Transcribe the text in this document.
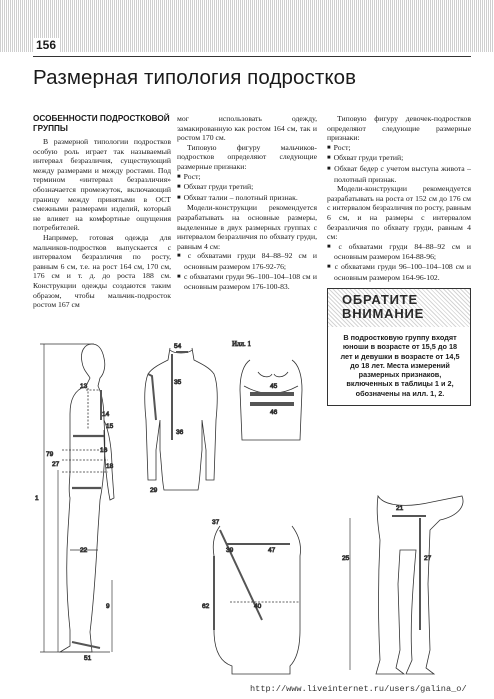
156
Размерная типология подростков
ОСОБЕННОСТИ ПОДРОСТКОВОЙ ГРУППЫ

В размерной типологии подростков особую роль играет так называемый интервал безразличия, существующий между размерами и между ростами. Под термином «интервал безразличия» обозначается промежуток, включающий границу между принятыми в ОСТ смежными размерами изделий, который не влияет на комфортные ощущения потребителей.

Например, готовая одежда для мальчиков-подростков выпускается с интервалом безразличия по росту, равным 6 см, т.е. на рост 164 см, 170 см, 176 см и т. д. до роста 188 см. Конструкции одежды создаются таким образом, чтобы мальчик-подросток ростом 167 см

мог использовать одежду, замакированную как ростом 164 см, так и ростом 170 см.

Типовую фигуру мальчиков-подростков определяют следующие размерные признаки:

■ Рост;
■ Обхват груди третий;
■ Обхват талии – полотный признак.

Модели-конструкции рекомендуется разрабатывать на основные размеры, выделенные в двух размерных группах с интервалом безразличия по обхвату груди, равным 4 см:

■ с обхватами груди 84–88–92 см и основным размером 176-92-76;
■ с обхватами груди 96–100–104–108 см и основным размером 176-100-83.

Типовую фигуру девочек-подростков определяют следующие размерные признаки:

■ Рост;
■ Обхват груди третий;
■ Обхват бедер с учетом выступа живота – полотный признак.

Модели-конструкции рекомендуется разрабатывать на роста от 152 см до 176 см с интервалом безразличия по росту, равным 6 см, и на размеры с интервалом безразличия по обхвату груди, равным 4 см:

■ с обхватами груди 84–88–92 см и основным размером 164-88-96;
■ с обхватами груди 96–100–104–108 см и основным размером 164-96-102.
ОБРАТИТЕ
ВНИМАНИЕ
В подростковую группу входят юноши в возрасте от 15,5 до 18 лет и девушки в возрасте от 14,5 до 18 лет. Места измерений размерных признаков, включенных в таблицы 1 и 2, обозначены на илл. 1, 2.
13
14
15
16
18
79
27
22
51
9
1
54
35
36
29
45
46
Илл. 1
37
47
39
62	40
21
25	27
http://www.liveinternet.ru/users/galina_o/
